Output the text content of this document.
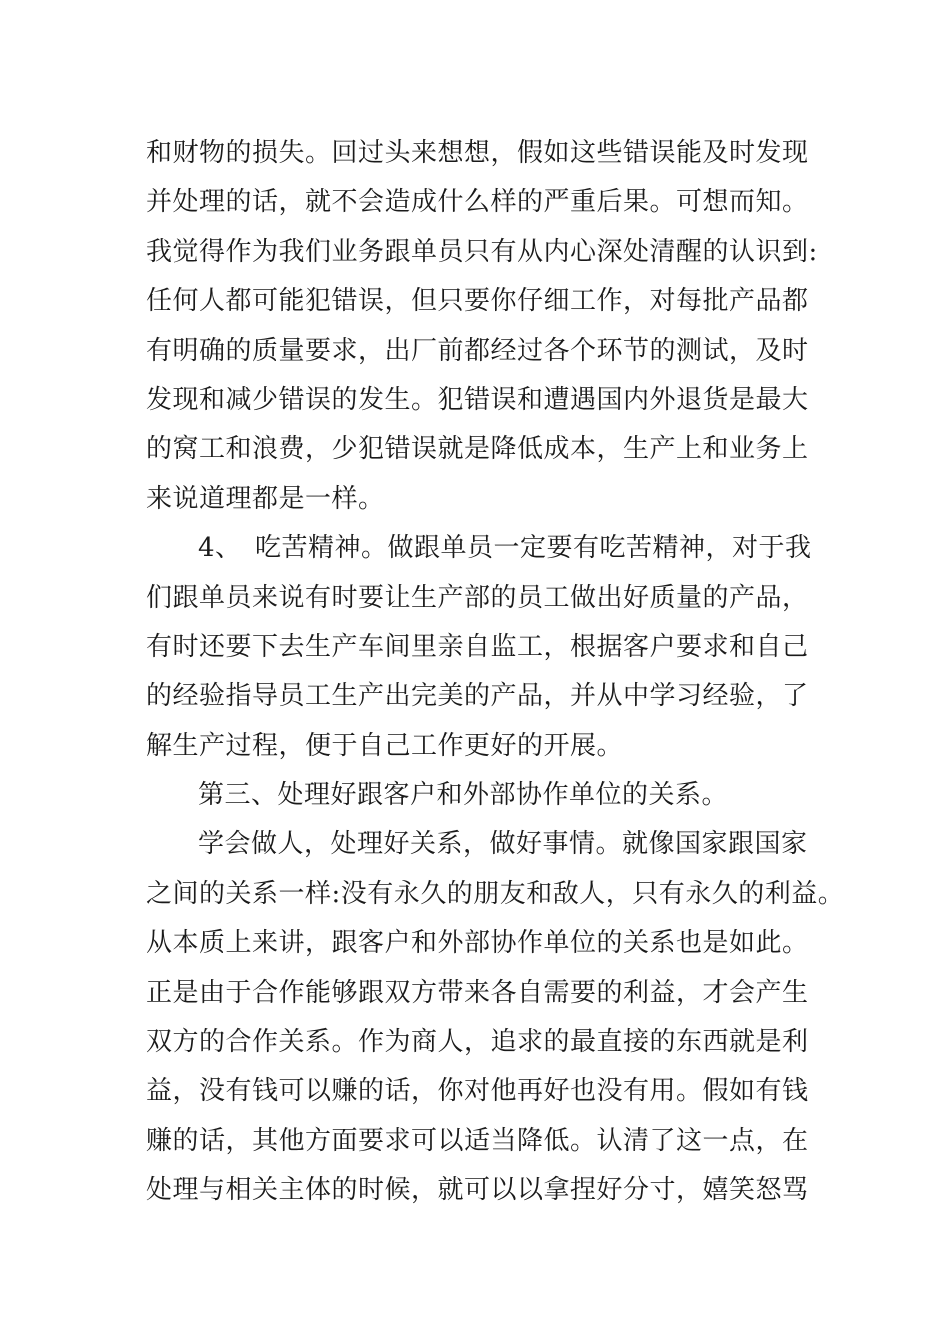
和财物的损失。回过头来想想，假如这些错误能及时发现
并处理的话，就不会造成什么样的严重后果。可想而知。
我觉得作为我们业务跟单员只有从内心深处清醒的认识到:
任何人都可能犯错误，但只要你仔细工作，对每批产品都
有明确的质量要求，出厂前都经过各个环节的测试，及时
发现和减少错误的发生。犯错误和遭遇国内外退货是最大
的窝工和浪费，少犯错误就是降低成本，生产上和业务上
来说道理都是一样。
4、　吃苦精神。做跟单员一定要有吃苦精神，对于我
们跟单员来说有时要让生产部的员工做出好质量的产品，
有时还要下去生产车间里亲自监工，根据客户要求和自己
的经验指导员工生产出完美的产品，并从中学习经验，了
解生产过程，便于自己工作更好的开展。
第三、处理好跟客户和外部协作单位的关系。
学会做人，处理好关系，做好事情。就像国家跟国家
之间的关系一样:没有永久的朋友和敌人，只有永久的利益。
从本质上来讲，跟客户和外部协作单位的关系也是如此。
正是由于合作能够跟双方带来各自需要的利益，才会产生
双方的合作关系。作为商人，追求的最直接的东西就是利
益，没有钱可以赚的话，你对他再好也没有用。假如有钱
赚的话，其他方面要求可以适当降低。认清了这一点，在
处理与相关主体的时候，就可以以拿捏好分寸，嬉笑怒骂
